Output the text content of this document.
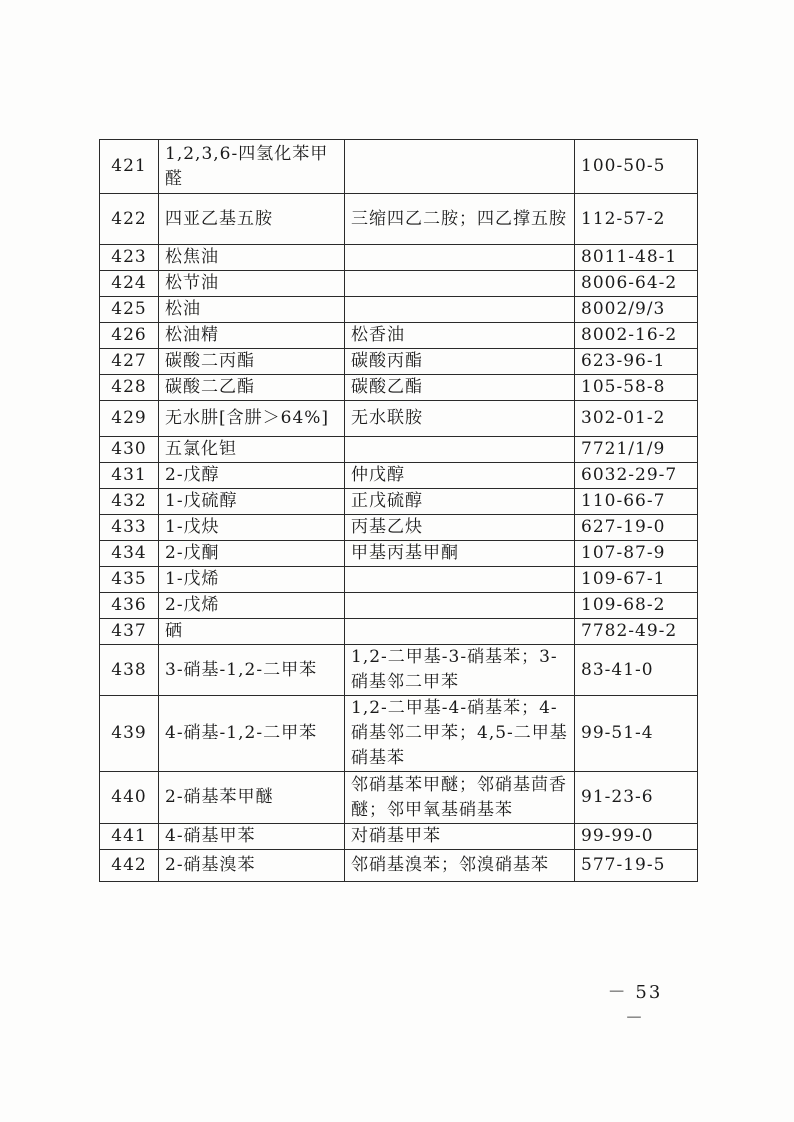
421	1,2,3,6-四氢化苯甲醛		100-50-5
422	四亚乙基五胺	三缩四乙二胺；四乙撑五胺	112-57-2
423	松焦油		8011-48-1
424	松节油		8006-64-2
425	松油		8002/9/3
426	松油精	松香油	8002-16-2
427	碳酸二丙酯	碳酸丙酯	623-96-1
428	碳酸二乙酯	碳酸乙酯	105-58-8
429	无水肼[含肼＞64%]	无水联胺	302-01-2
430	五氯化钽		7721/1/9
431	2-戊醇	仲戊醇	6032-29-7
432	1-戊硫醇	正戊硫醇	110-66-7
433	1-戊炔	丙基乙炔	627-19-0
434	2-戊酮	甲基丙基甲酮	107-87-9
435	1-戊烯		109-67-1
436	2-戊烯		109-68-2
437	硒		7782-49-2
438	3-硝基-1,2-二甲苯	1,2-二甲基-3-硝基苯；3-硝基邻二甲苯	83-41-0
439	4-硝基-1,2-二甲苯	1,2-二甲基-4-硝基苯；4-硝基邻二甲苯；4,5-二甲基硝基苯	99-51-4
440	2-硝基苯甲醚	邻硝基苯甲醚；邻硝基茴香醚；邻甲氧基硝基苯	91-23-6
441	4-硝基甲苯	对硝基甲苯	99-99-0
442	2-硝基溴苯	邻硝基溴苯；邻溴硝基苯	577-19-5
－ 53 －
